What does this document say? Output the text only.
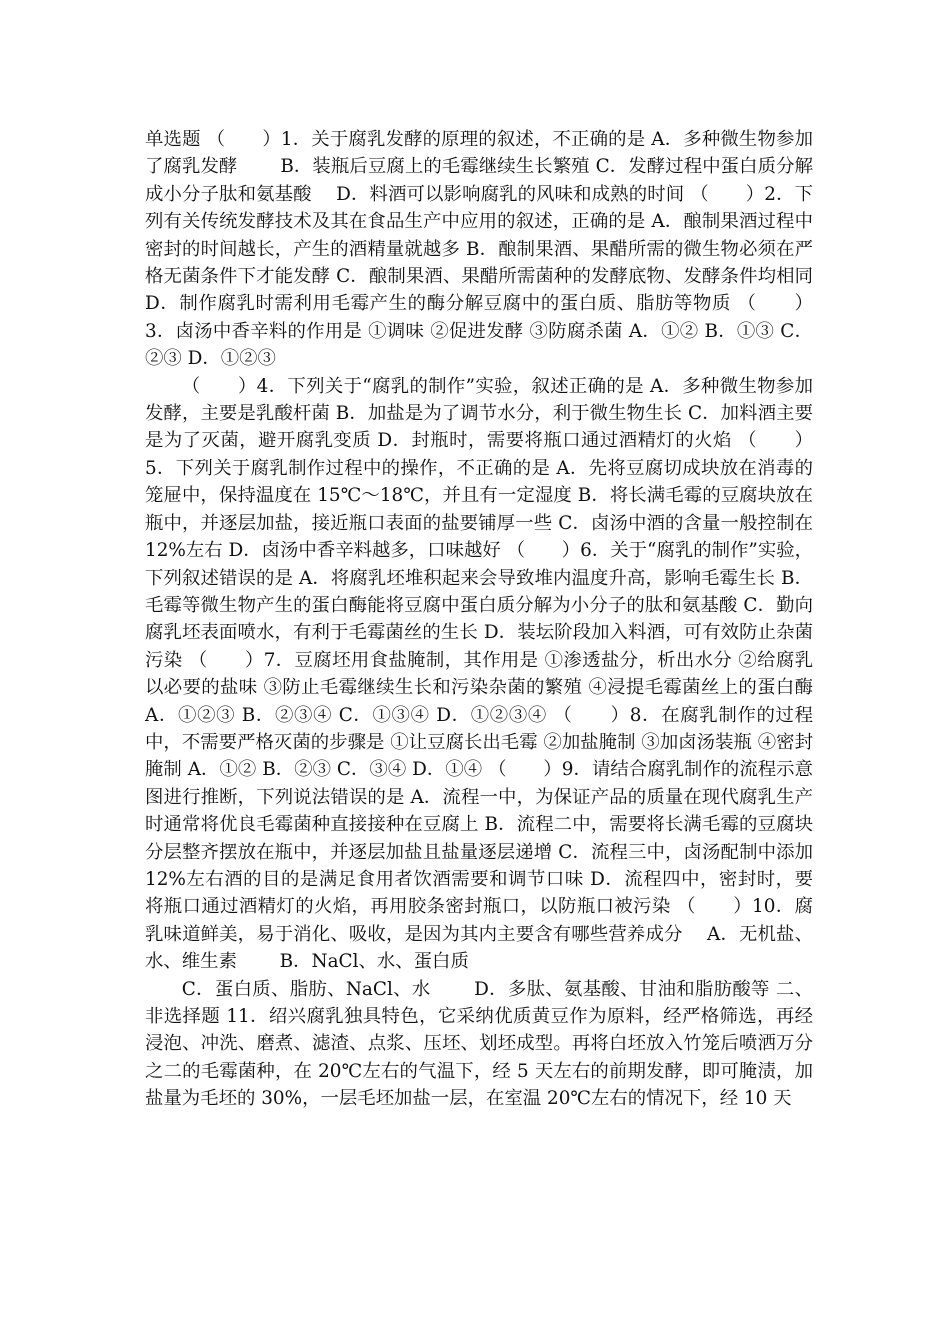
单选题 （　　）1．关于腐乳发酵的原理的叙述，不正确的是 A．多种微生物参加了腐乳发酵　　 B．装瓶后豆腐上的毛霉继续生长繁殖 C．发酵过程中蛋白质分解成小分子肽和氨基酸　 D．料酒可以影响腐乳的风味和成熟的时间 （　　）2．下列有关传统发酵技术及其在食品生产中应用的叙述，正确的是 A．酿制果酒过程中密封的时间越长，产生的酒精量就越多 B．酿制果酒、果醋所需的微生物必须在严格无菌条件下才能发酵 C．酿制果酒、果醋所需菌种的发酵底物、发酵条件均相同 D．制作腐乳时需利用毛霉产生的酶分解豆腐中的蛋白质、脂肪等物质 （　　）3．卤汤中香辛料的作用是 ①调味 ②促进发酵 ③防腐杀菌 A．①② B．①③ C．②③ D．①②③

（　　）4．下列关于“腐乳的制作”实验，叙述正确的是 A．多种微生物参加发酵，主要是乳酸杆菌 B．加盐是为了调节水分，利于微生物生长 C．加料酒主要是为了灭菌，避开腐乳变质 D．封瓶时，需要将瓶口通过酒精灯的火焰 （　　）5．下列关于腐乳制作过程中的操作，不正确的是 A．先将豆腐切成块放在消毒的笼屉中，保持温度在 15℃～18℃，并且有一定湿度 B．将长满毛霉的豆腐块放在瓶中，并逐层加盐，接近瓶口表面的盐要铺厚一些 C．卤汤中酒的含量一般控制在 12%左右 D．卤汤中香辛料越多，口味越好 （　　）6．关于“腐乳的制作”实验，下列叙述错误的是 A．将腐乳坯堆积起来会导致堆内温度升高，影响毛霉生长 B．毛霉等微生物产生的蛋白酶能将豆腐中蛋白质分解为小分子的肽和氨基酸 C．勤向腐乳坯表面喷水，有利于毛霉菌丝的生长 D．装坛阶段加入料酒，可有效防止杂菌污染 （　　）7．豆腐坯用食盐腌制，其作用是 ①渗透盐分，析出水分 ②给腐乳以必要的盐味 ③防止毛霉继续生长和污染杂菌的繁殖 ④浸提毛霉菌丝上的蛋白酶 A．①②③ B．②③④ C．①③④ D．①②③④ （　　）8．在腐乳制作的过程中，不需要严格灭菌的步骤是 ①让豆腐长出毛霉 ②加盐腌制 ③加卤汤装瓶 ④密封腌制 A．①② B．②③ C．③④ D．①④ （　　）9．请结合腐乳制作的流程示意图进行推断，下列说法错误的是 A．流程一中，为保证产品的质量在现代腐乳生产时通常将优良毛霉菌种直接接种在豆腐上 B．流程二中，需要将长满毛霉的豆腐块分层整齐摆放在瓶中，并逐层加盐且盐量逐层递增 C．流程三中，卤汤配制中添加 12%左右酒的目的是满足食用者饮酒需要和调节口味 D．流程四中，密封时，要将瓶口通过酒精灯的火焰，再用胶条密封瓶口，以防瓶口被污染 （　　）10．腐乳味道鲜美，易于消化、吸收，是因为其内主要含有哪些营养成分　 A．无机盐、水、维生素　　 B．NaCl、水、蛋白质

C．蛋白质、脂肪、NaCl、水　　 D．多肽、氨基酸、甘油和脂肪酸等 二、非选择题 11．绍兴腐乳独具特色，它采纳优质黄豆作为原料，经严格筛选，再经浸泡、冲洗、磨煮、滤渣、点浆、压坯、划坯成型。再将白坯放入竹笼后喷洒万分之二的毛霉菌种，在 20℃左右的气温下，经 5 天左右的前期发酵，即可腌渍，加盐量为毛坯的 30%，一层毛坯加盐一层，在室温 20℃左右的情况下，经 10 天
